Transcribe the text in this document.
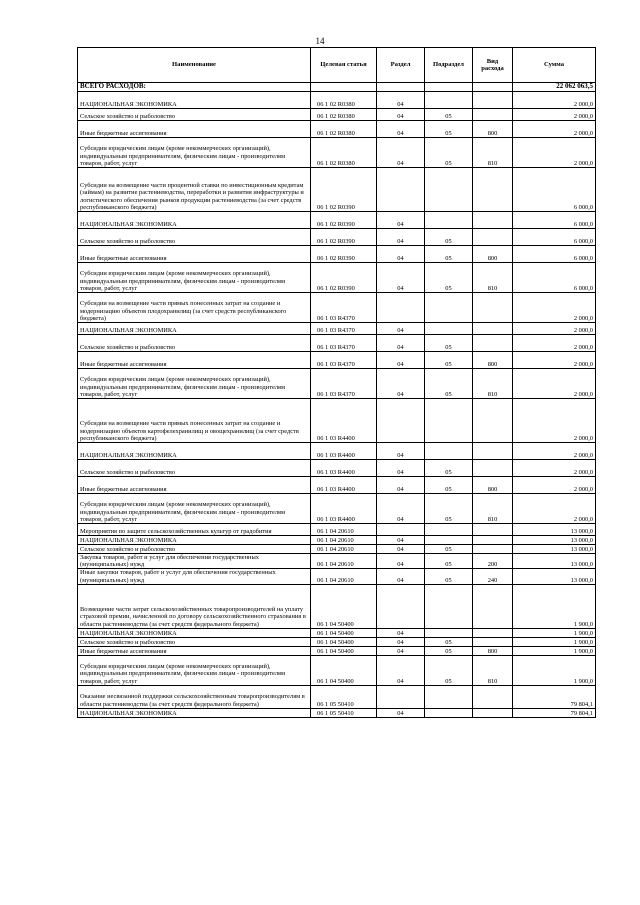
14
Наименование	Целевая статья	Раздел	Подраздел	Вид расхода	Сумма
ВСЕГО РАСХОДОВ:					22 062 063,5
НАЦИОНАЛЬНАЯ ЭКОНОМИКА	06 1 02 R0380	04			2 000,0
Сельское хозяйство и рыболовство	06 1 02 R0380	04	05		2 000,0
Иные бюджетные ассигнования	06 1 02 R0380	04	05	800	2 000,0
Субсидии юридическим лицам (кроме некоммерческих организаций), индивидуальным предпринимателям, физическим лицам - производителям товаров, работ, услуг	06 1 02 R0380	04	05	810	2 000,0
Субсидии на возмещение части процентной ставки по инвестиционным кредитам (займам) на развитие растениеводства, переработки и развития инфраструктуры и логистического обеспечения рынков продукции растениеводства (за счет средств республиканского бюджета)	06 1 02 R0390				6 000,0
НАЦИОНАЛЬНАЯ ЭКОНОМИКА	06 1 02 R0390	04			6 000,0
Сельское хозяйство и рыболовство	06 1 02 R0390	04	05		6 000,0
Иные бюджетные ассигнования	06 1 02 R0390	04	05	800	6 000,0
Субсидии юридическим лицам (кроме некоммерческих организаций), индивидуальным предпринимателям, физическим лицам - производителям товаров, работ, услуг	06 1 02 R0390	04	05	810	6 000,0
Субсидии на возмещение части прямых понесенных затрат на создание и модернизацию объектов плодохранилищ (за счет средств республиканского бюджета)	06 1 03 R4370				2 000,0
НАЦИОНАЛЬНАЯ ЭКОНОМИКА	06 1 03 R4370	04			2 000,0
Сельское хозяйство и рыболовство	06 1 03 R4370	04	05		2 000,0
Иные бюджетные ассигнования	06 1 03 R4370	04	05	800	2 000,0
Субсидии юридическим лицам (кроме некоммерческих организаций), индивидуальным предпринимателям, физическим лицам - производителям товаров, работ, услуг	06 1 03 R4370	04	05	810	2 000,0
Субсидии на возмещение части прямых понесенных затрат на создание и модернизацию объектов картофелехранилищ и овощехранилищ (за счет средств республиканского бюджета)	06 1 03 R4400				2 000,0
НАЦИОНАЛЬНАЯ ЭКОНОМИКА	06 1 03 R4400	04			2 000,0
Сельское хозяйство и рыболовство	06 1 03 R4400	04	05		2 000,0
Иные бюджетные ассигнования	06 1 03 R4400	04	05	800	2 000,0
Субсидии юридическим лицам (кроме некоммерческих организаций), индивидуальным предпринимателям, физическим лицам - производителям товаров, работ, услуг	06 1 03 R4400	04	05	810	2 000,0
Мероприятия по защите сельскохозяйственных культур от градобития	06 1 04 20610				13 000,0
НАЦИОНАЛЬНАЯ ЭКОНОМИКА	06 1 04 20610	04			13 000,0
Сельское хозяйство и рыболовство	06 1 04 20610	04	05		13 000,0
Закупка товаров, работ и услуг для обеспечения государственных (муниципальных) нужд	06 1 04 20610	04	05	200	13 000,0
Иные закупки товаров, работ и услуг для обеспечения государственных (муниципальных) нужд	06 1 04 20610	04	05	240	13 000,0
Возмещение части затрат сельскохозяйственных товаропроизводителей на уплату страховой премии, начисленной по договору сельскохозяйственного страхования в области растениеводства (за счет средств федерального бюджета)	06 1 04 50400				1 900,0
НАЦИОНАЛЬНАЯ ЭКОНОМИКА	06 1 04 50400	04			1 900,0
Сельское хозяйство и рыболовство	06 1 04 50400	04	05		1 900,0
Иные бюджетные ассигнования	06 1 04 50400	04	05	800	1 900,0
Субсидии юридическим лицам (кроме некоммерческих организаций), индивидуальным предпринимателям, физическим лицам - производителям товаров, работ, услуг	06 1 04 50400	04	05	810	1 900,0
Оказание несвязанной поддержки сельскохозяйственным товаропроизводителям в области растениеводства (за счет средств федерального бюджета)	06 1 05 50410				79 804,1
НАЦИОНАЛЬНАЯ ЭКОНОМИКА	06 1 05 50410	04			79 804,1
